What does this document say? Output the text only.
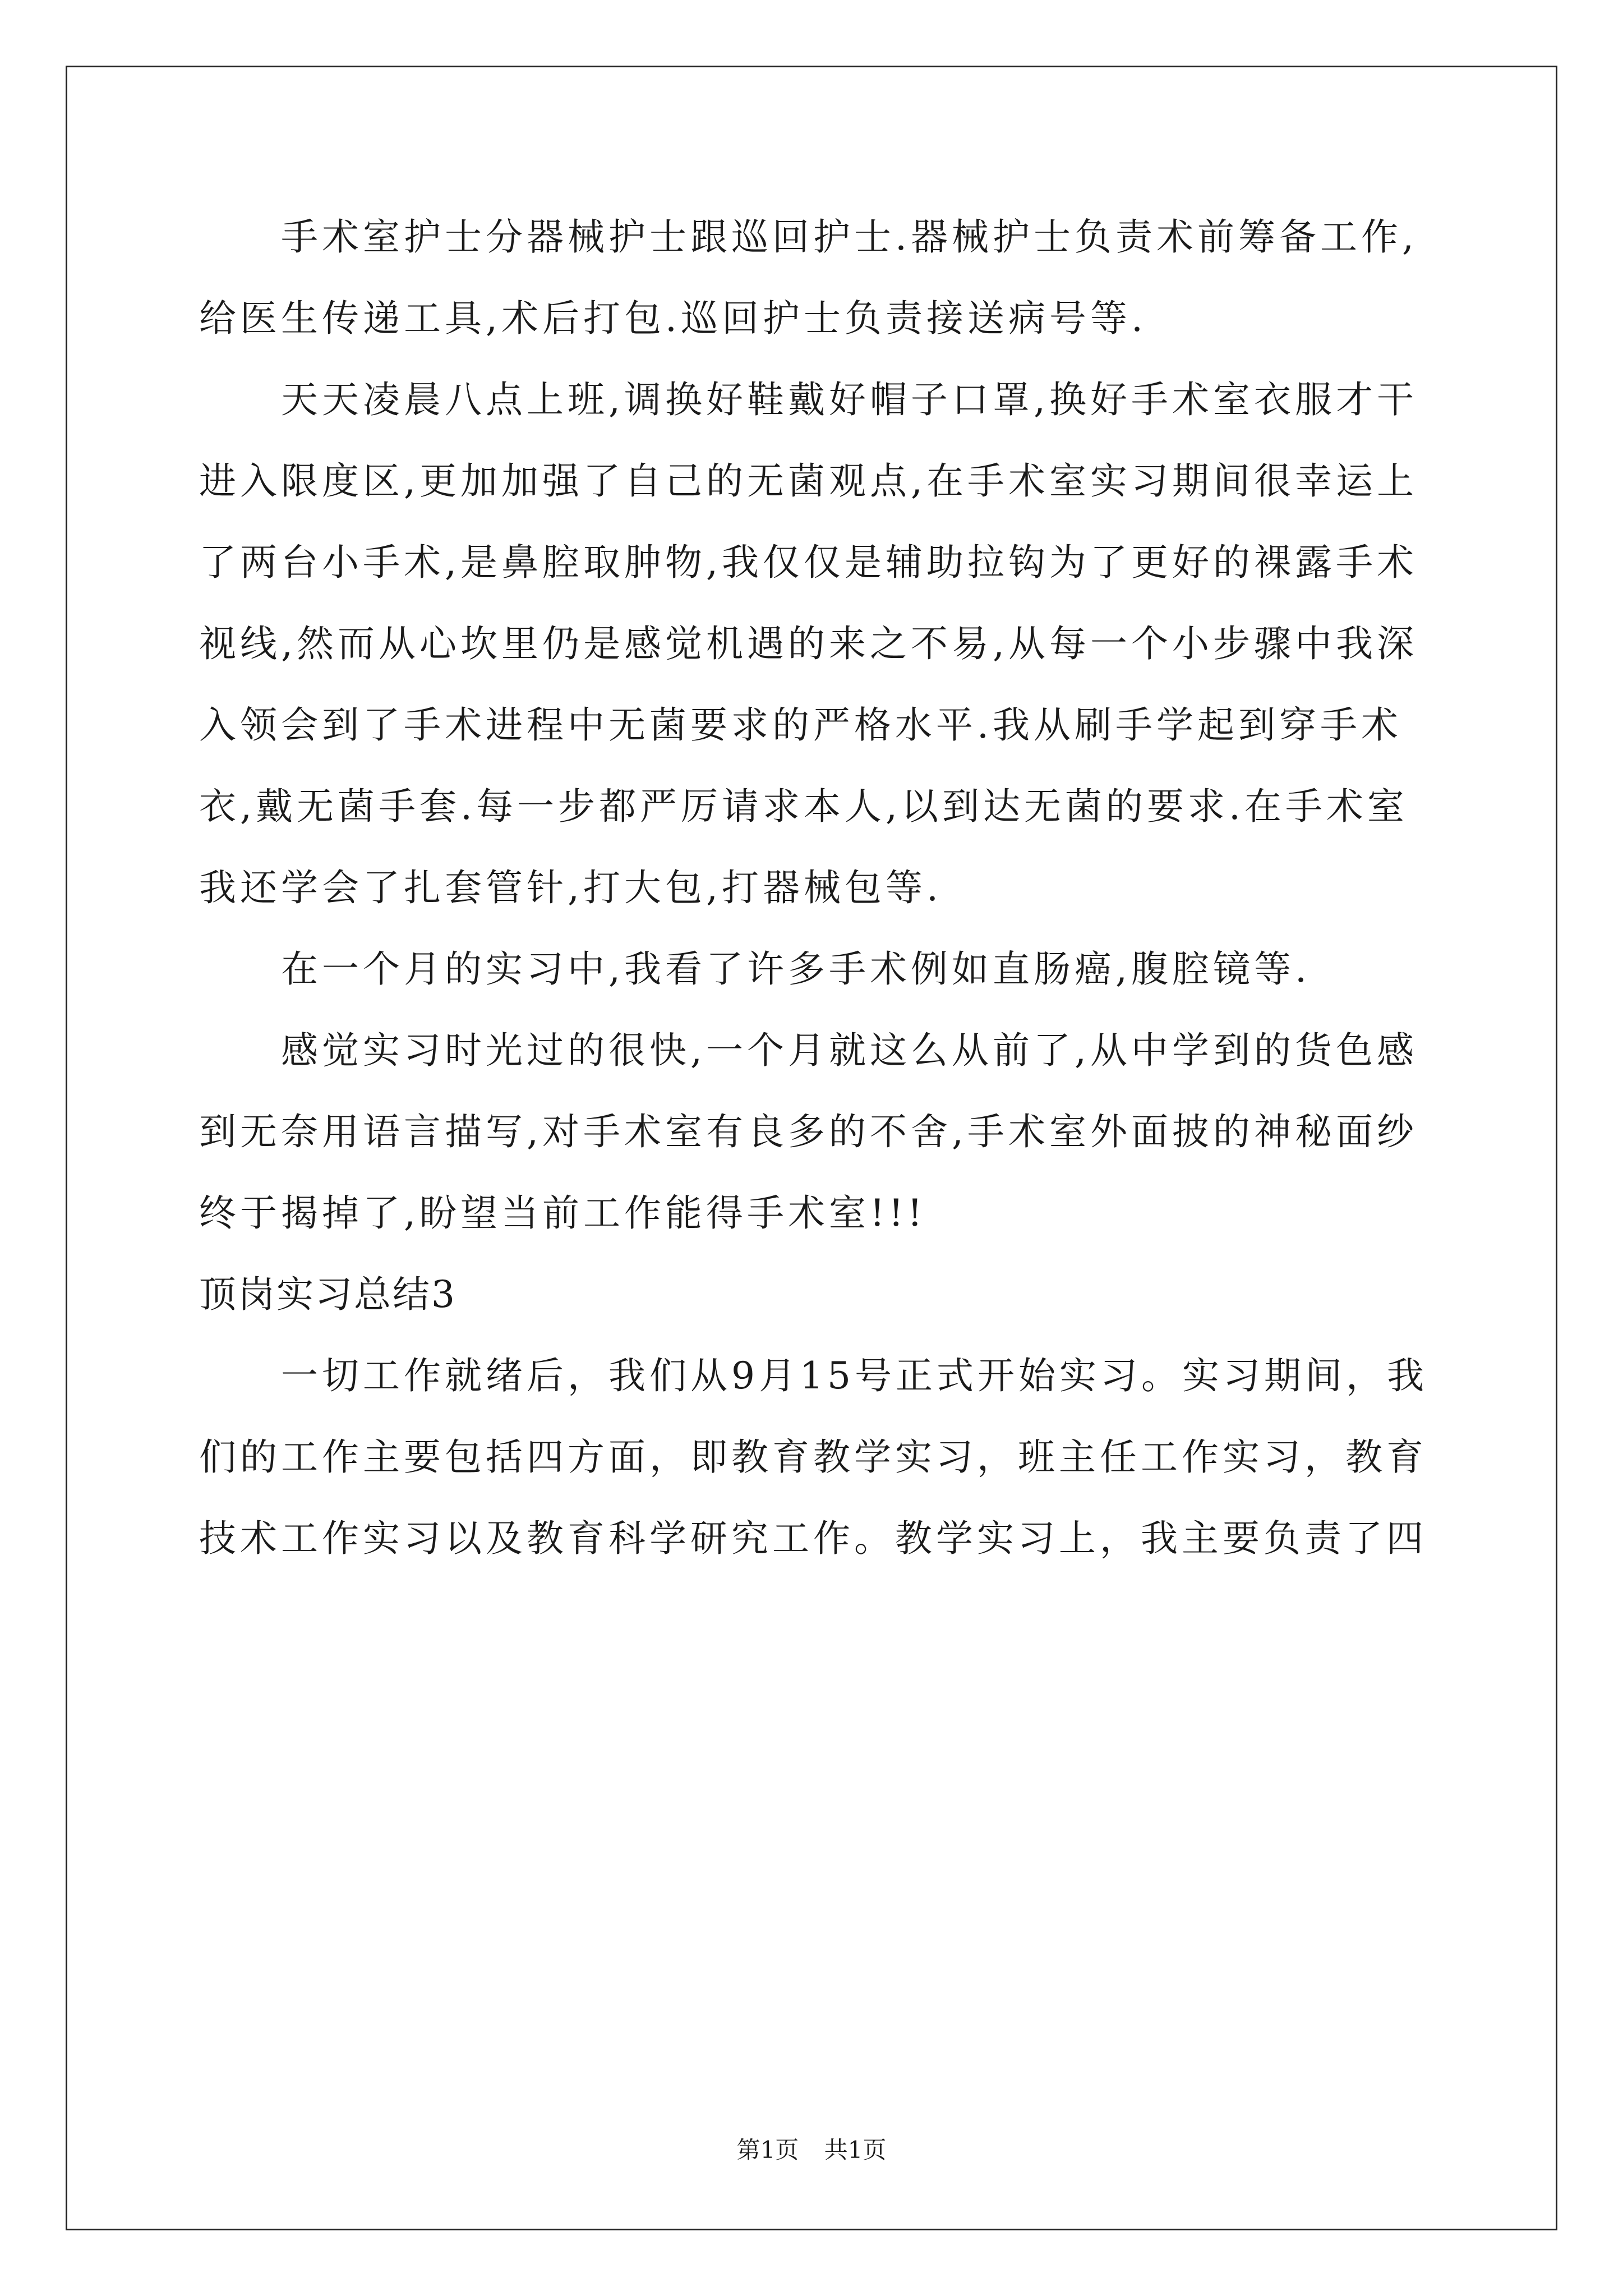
手术室护士分器械护士跟巡回护士.器械护士负责术前筹备工作,
给医生传递工具,术后打包.巡回护士负责接送病号等.
天天凌晨八点上班,调换好鞋戴好帽子口罩,换好手术室衣服才干
进入限度区,更加加强了自己的无菌观点,在手术室实习期间很幸运上
了两台小手术,是鼻腔取肿物,我仅仅是辅助拉钩为了更好的裸露手术
视线,然而从心坎里仍是感觉机遇的来之不易,从每一个小步骤中我深
入领会到了手术进程中无菌要求的严格水平.我从刷手学起到穿手术
衣,戴无菌手套.每一步都严厉请求本人,以到达无菌的要求.在手术室
我还学会了扎套管针,打大包,打器械包等.
在一个月的实习中,我看了许多手术例如直肠癌,腹腔镜等.
感觉实习时光过的很快,一个月就这么从前了,从中学到的货色感
到无奈用语言描写,对手术室有良多的不舍,手术室外面披的神秘面纱
终于揭掉了,盼望当前工作能得手术室!!!
顶岗实习总结3
一切工作就绪后，我们从9月15号正式开始实习。实习期间，我
们的工作主要包括四方面，即教育教学实习，班主任工作实习，教育
技术工作实习以及教育科学研究工作。教学实习上，我主要负责了四
第1页 共1页
